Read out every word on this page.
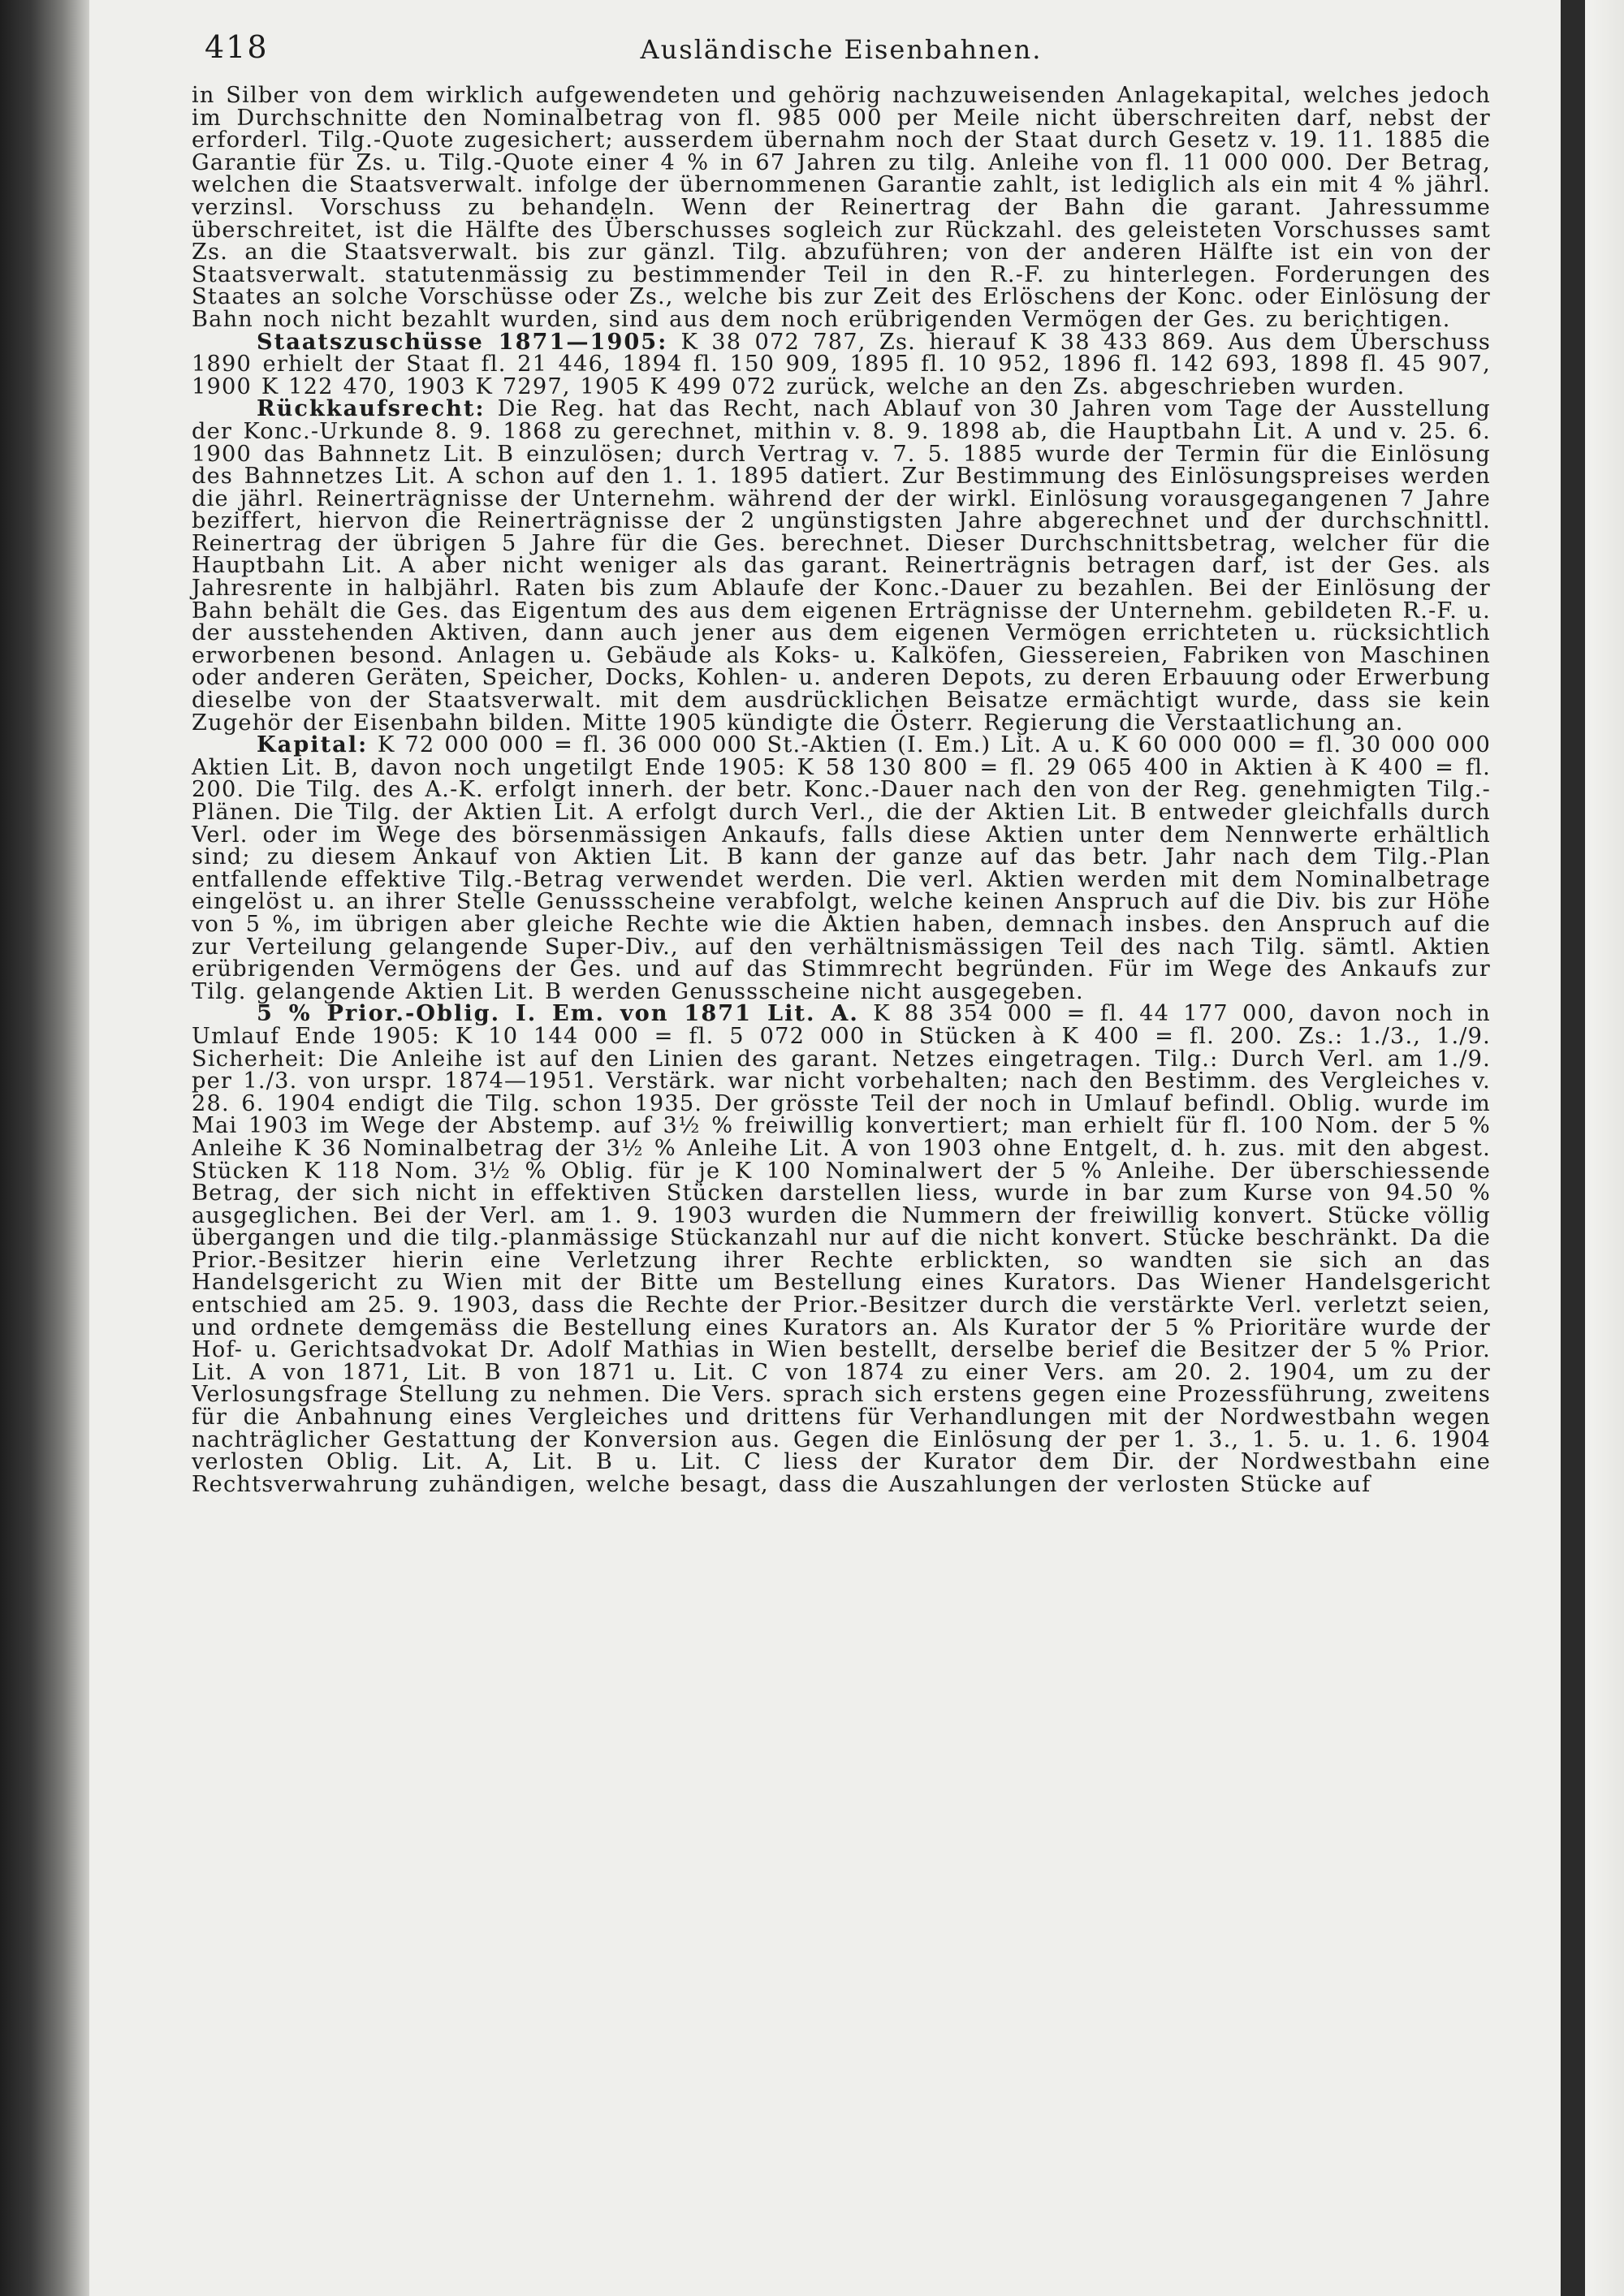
418	Ausländische Eisenbahnen.

in Silber von dem wirklich aufgewendeten und gehörig nachzuweisenden Anlagekapital, welches jedoch im Durchschnitte den Nominalbetrag von fl. 985 000 per Meile nicht überschreiten darf, nebst der erforderl. Tilg.-Quote zugesichert; ausserdem übernahm noch der Staat durch Gesetz v. 19. 11. 1885 die Garantie für Zs. u. Tilg.-Quote einer 4 % in 67 Jahren zu tilg. Anleihe von fl. 11 000 000. Der Betrag, welchen die Staatsverwalt. infolge der übernommenen Garantie zahlt, ist lediglich als ein mit 4 % jährl. verzinsl. Vorschuss zu behandeln. Wenn der Reinertrag der Bahn die garant. Jahressumme überschreitet, ist die Hälfte des Überschusses sogleich zur Rückzahl. des geleisteten Vorschusses samt Zs. an die Staatsverwalt. bis zur gänzl. Tilg. abzuführen; von der anderen Hälfte ist ein von der Staatsverwalt. statutenmässig zu bestimmender Teil in den R.-F. zu hinterlegen. Forderungen des Staates an solche Vorschüsse oder Zs., welche bis zur Zeit des Erlöschens der Konc. oder Einlösung der Bahn noch nicht bezahlt wurden, sind aus dem noch erübrigenden Vermögen der Ges. zu berichtigen.

Staatszuschüsse 1871—1905: K 38 072 787, Zs. hierauf K 38 433 869. Aus dem Überschuss 1890 erhielt der Staat fl. 21 446, 1894 fl. 150 909, 1895 fl. 10 952, 1896 fl. 142 693, 1898 fl. 45 907, 1900 K 122 470, 1903 K 7297, 1905 K 499 072 zurück, welche an den Zs. abgeschrieben wurden.

Rückkaufsrecht: Die Reg. hat das Recht, nach Ablauf von 30 Jahren vom Tage der Ausstellung der Konc.-Urkunde 8. 9. 1868 zu gerechnet, mithin v. 8. 9. 1898 ab, die Hauptbahn Lit. A und v. 25. 6. 1900 das Bahnnetz Lit. B einzulösen; durch Vertrag v. 7. 5. 1885 wurde der Termin für die Einlösung des Bahnnetzes Lit. A schon auf den 1. 1. 1895 datiert. Zur Bestimmung des Einlösungspreises werden die jährl. Reinerträgnisse der Unternehm. während der der wirkl. Einlösung vorausgegangenen 7 Jahre beziffert, hiervon die Reinerträgnisse der 2 ungünstigsten Jahre abgerechnet und der durchschnittl. Reinertrag der übrigen 5 Jahre für die Ges. berechnet. Dieser Durchschnittsbetrag, welcher für die Hauptbahn Lit. A aber nicht weniger als das garant. Reinerträgnis betragen darf, ist der Ges. als Jahresrente in halbjährl. Raten bis zum Ablaufe der Konc.-Dauer zu bezahlen. Bei der Einlösung der Bahn behält die Ges. das Eigentum des aus dem eigenen Erträgnisse der Unternehm. gebildeten R.-F. u. der ausstehenden Aktiven, dann auch jener aus dem eigenen Vermögen errichteten u. rücksichtlich erworbenen besond. Anlagen u. Gebäude als Koks- u. Kalköfen, Giessereien, Fabriken von Maschinen oder anderen Geräten, Speicher, Docks, Kohlen- u. anderen Depots, zu deren Erbauung oder Erwerbung dieselbe von der Staatsverwalt. mit dem ausdrücklichen Beisatze ermächtigt wurde, dass sie kein Zugehör der Eisenbahn bilden. Mitte 1905 kündigte die Österr. Regierung die Verstaatlichung an.

Kapital: K 72 000 000 = fl. 36 000 000 St.-Aktien (I. Em.) Lit. A u. K 60 000 000 = fl. 30 000 000 Aktien Lit. B, davon noch ungetilgt Ende 1905: K 58 130 800 = fl. 29 065 400 in Aktien à K 400 = fl. 200. Die Tilg. des A.-K. erfolgt innerh. der betr. Konc.-Dauer nach den von der Reg. genehmigten Tilg.-Plänen. Die Tilg. der Aktien Lit. A erfolgt durch Verl., die der Aktien Lit. B entweder gleichfalls durch Verl. oder im Wege des börsenmässigen Ankaufs, falls diese Aktien unter dem Nennwerte erhältlich sind; zu diesem Ankauf von Aktien Lit. B kann der ganze auf das betr. Jahr nach dem Tilg.-Plan entfallende effektive Tilg.-Betrag verwendet werden. Die verl. Aktien werden mit dem Nominalbetrage eingelöst u. an ihrer Stelle Genussscheine verabfolgt, welche keinen Anspruch auf die Div. bis zur Höhe von 5 %, im übrigen aber gleiche Rechte wie die Aktien haben, demnach insbes. den Anspruch auf die zur Verteilung gelangende Super-Div., auf den verhältnismässigen Teil des nach Tilg. sämtl. Aktien erübrigenden Vermögens der Ges. und auf das Stimmrecht begründen. Für im Wege des Ankaufs zur Tilg. gelangende Aktien Lit. B werden Genussscheine nicht ausgegeben.

5 % Prior.-Oblig. I. Em. von 1871 Lit. A. K 88 354 000 = fl. 44 177 000, davon noch in Umlauf Ende 1905: K 10 144 000 = fl. 5 072 000 in Stücken à K 400 = fl. 200. Zs.: 1./3., 1./9. Sicherheit: Die Anleihe ist auf den Linien des garant. Netzes eingetragen. Tilg.: Durch Verl. am 1./9. per 1./3. von urspr. 1874—1951. Verstärk. war nicht vorbehalten; nach den Bestimm. des Vergleiches v. 28. 6. 1904 endigt die Tilg. schon 1935. Der grösste Teil der noch in Umlauf befindl. Oblig. wurde im Mai 1903 im Wege der Abstemp. auf 3½ % freiwillig konvertiert; man erhielt für fl. 100 Nom. der 5 % Anleihe K 36 Nominalbetrag der 3½ % Anleihe Lit. A von 1903 ohne Entgelt, d. h. zus. mit den abgest. Stücken K 118 Nom. 3½ % Oblig. für je K 100 Nominalwert der 5 % Anleihe. Der überschiessende Betrag, der sich nicht in effektiven Stücken darstellen liess, wurde in bar zum Kurse von 94.50 % ausgeglichen. Bei der Verl. am 1. 9. 1903 wurden die Nummern der freiwillig konvert. Stücke völlig übergangen und die tilg.-planmässige Stückanzahl nur auf die nicht konvert. Stücke beschränkt. Da die Prior.-Besitzer hierin eine Verletzung ihrer Rechte erblickten, so wandten sie sich an das Handelsgericht zu Wien mit der Bitte um Bestellung eines Kurators. Das Wiener Handelsgericht entschied am 25. 9. 1903, dass die Rechte der Prior.-Besitzer durch die verstärkte Verl. verletzt seien, und ordnete demgemäss die Bestellung eines Kurators an. Als Kurator der 5 % Prioritäre wurde der Hof- u. Gerichtsadvokat Dr. Adolf Mathias in Wien bestellt, derselbe berief die Besitzer der 5 % Prior. Lit. A von 1871, Lit. B von 1871 u. Lit. C von 1874 zu einer Vers. am 20. 2. 1904, um zu der Verlosungsfrage Stellung zu nehmen. Die Vers. sprach sich erstens gegen eine Prozessführung, zweitens für die Anbahnung eines Vergleiches und drittens für Verhandlungen mit der Nordwestbahn wegen nachträglicher Gestattung der Konversion aus. Gegen die Einlösung der per 1. 3., 1. 5. u. 1. 6. 1904 verlosten Oblig. Lit. A, Lit. B u. Lit. C liess der Kurator dem Dir. der Nordwestbahn eine Rechtsverwahrung zuhändigen, welche besagt, dass die Auszahlungen der verlosten Stücke auf
